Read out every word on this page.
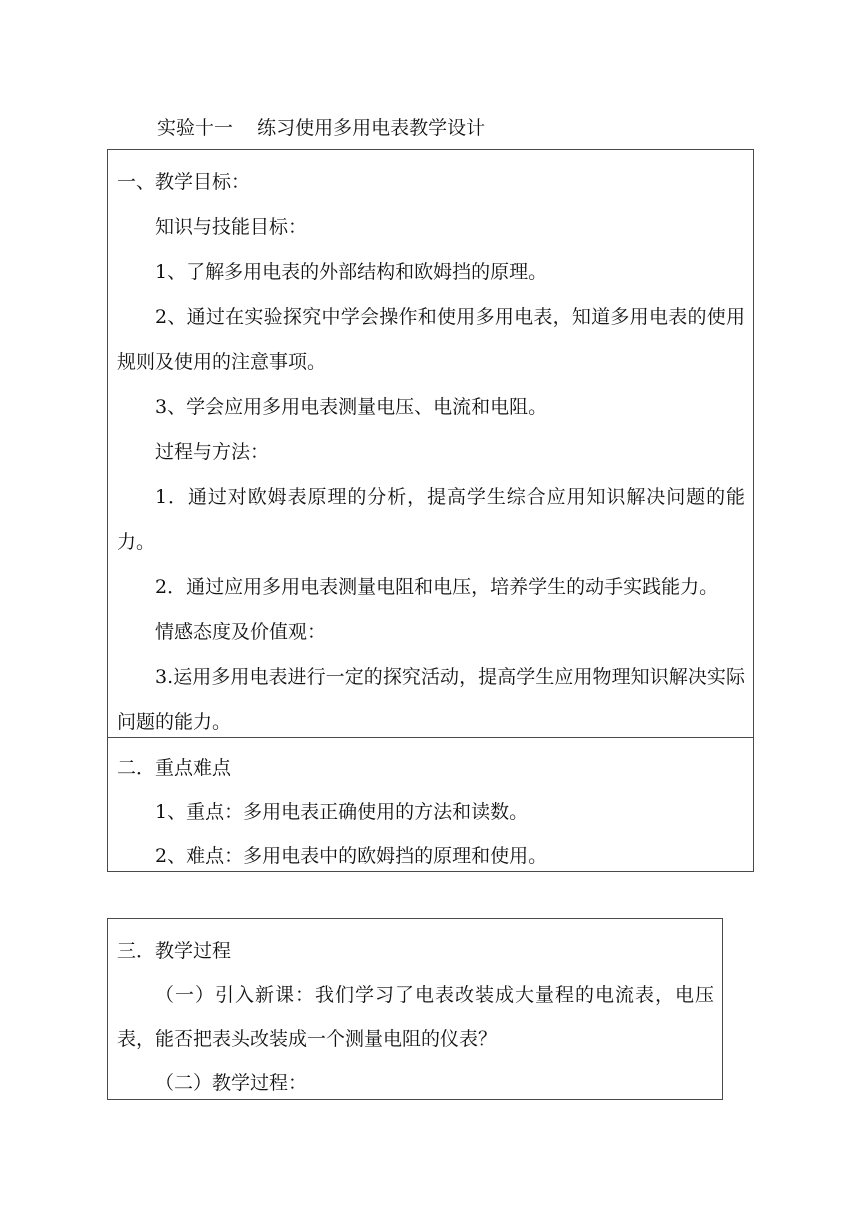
实验十一    练习使用多用电表教学设计

一、教学目标：

知识与技能目标：

1、了解多用电表的外部结构和欧姆挡的原理。

2、通过在实验探究中学会操作和使用多用电表，知道多用电表的使用规则及使用的注意事项。

3、学会应用多用电表测量电压、电流和电阻。

过程与方法：

1．通过对欧姆表原理的分析，提高学生综合应用知识解决问题的能力。

2．通过应用多用电表测量电阻和电压，培养学生的动手实践能力。

情感态度及价值观：

3.运用多用电表进行一定的探究活动，提高学生应用物理知识解决实际问题的能力。

二．重点难点

1、重点：多用电表正确使用的方法和读数。

2、难点：多用电表中的欧姆挡的原理和使用。

三．教学过程

（一）引入新课：我们学习了电表改装成大量程的电流表，电压表，能否把表头改装成一个测量电阻的仪表？

（二）教学过程：
